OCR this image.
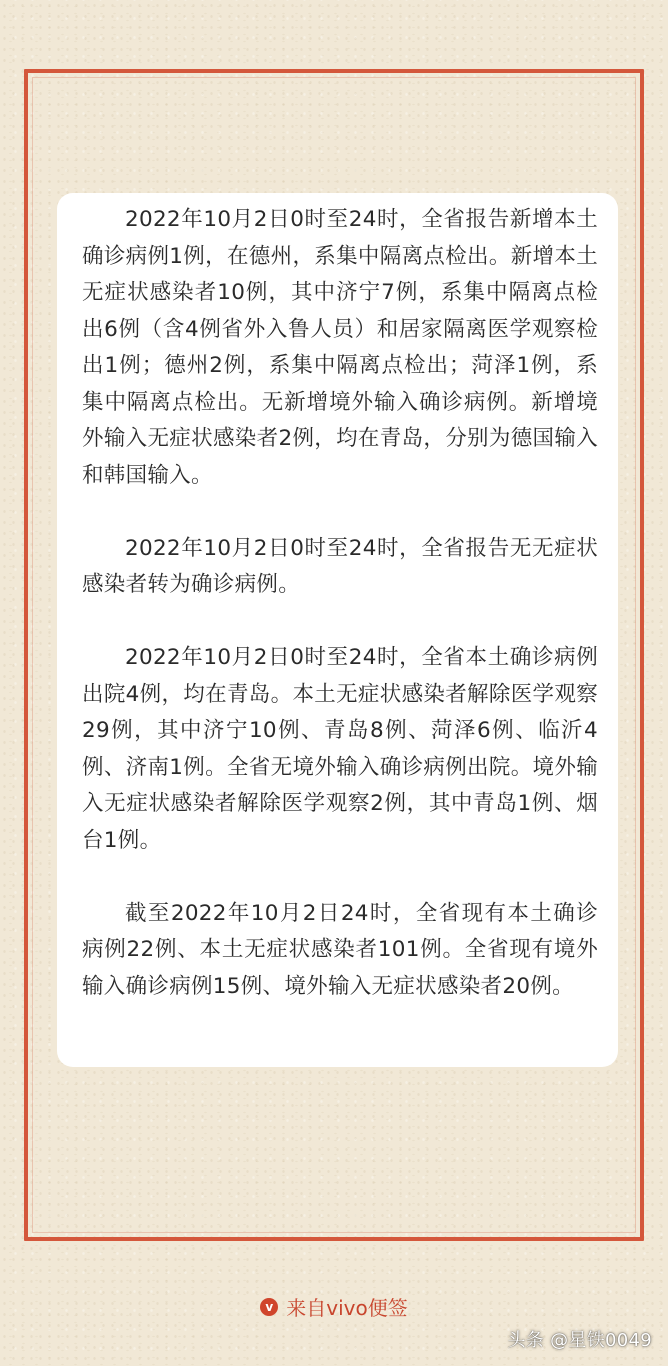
2022年10月2日0时至24时，全省报告新增本土确诊病例1例，在德州，系集中隔离点检出。新增本土无症状感染者10例，其中济宁7例，系集中隔离点检出6例（含4例省外入鲁人员）和居家隔离医学观察检出1例；德州2例，系集中隔离点检出；菏泽1例，系集中隔离点检出。无新增境外输入确诊病例。新增境外输入无症状感染者2例，均在青岛，分别为德国输入和韩国输入。

2022年10月2日0时至24时，全省报告无无症状感染者转为确诊病例。

2022年10月2日0时至24时，全省本土确诊病例出院4例，均在青岛。本土无症状感染者解除医学观察29例，其中济宁10例、青岛8例、菏泽6例、临沂4例、济南1例。全省无境外输入确诊病例出院。境外输入无症状感染者解除医学观察2例，其中青岛1例、烟台1例。

截至2022年10月2日24时，全省现有本土确诊病例22例、本土无症状感染者101例。全省现有境外输入确诊病例15例、境外输入无症状感染者20例。

v 来自vivo便签
头条 @星铁0049
